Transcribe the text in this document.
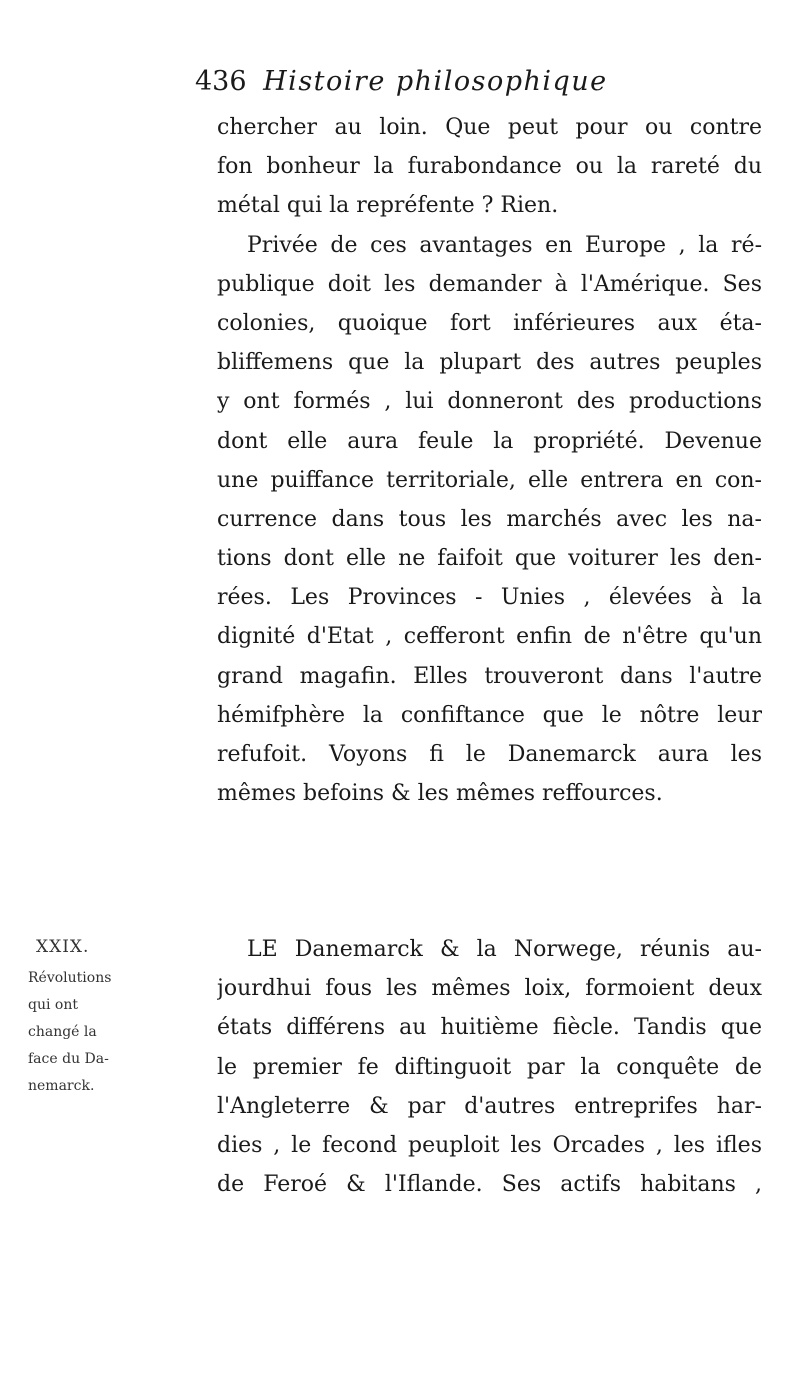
436 Histoire philosophique
chercher au loin. Que peut pour ou contre
fon bonheur la furabondance ou la rareté du
métal qui la repréfente ? Rien.
Privée de ces avantages en Europe , la ré-
publique doit les demander à l'Amérique. Ses
colonies, quoique fort inférieures aux éta-
bliffemens que la plupart des autres peuples
y ont formés , lui donneront des productions
dont elle aura feule la propriété. Devenue
une puiffance territoriale, elle entrera en con-
currence dans tous les marchés avec les na-
tions dont elle ne faifoit que voiturer les den-
rées. Les Provinces - Unies , élevées à la
dignité d'Etat , cefferont enfin de n'être qu'un
grand magafin. Elles trouveront dans l'autre
hémifphère la confiftance que le nôtre leur
refufoit. Voyons fi le Danemarck aura les
mêmes befoins & les mêmes reffources.
XXIX.
Révolutions
qui ont
changé la
face du Da-
nemarck.
LE Danemarck & la Norwege, réunis au-
jourdhui fous les mêmes loix, formoient deux
états différens au huitième fiècle. Tandis que
le premier fe diftinguoit par la conquête de
l'Angleterre & par d'autres entreprifes har-
dies , le fecond peuploit les Orcades , les ifles
de Feroé & l'Iflande. Ses actifs habitans ,
